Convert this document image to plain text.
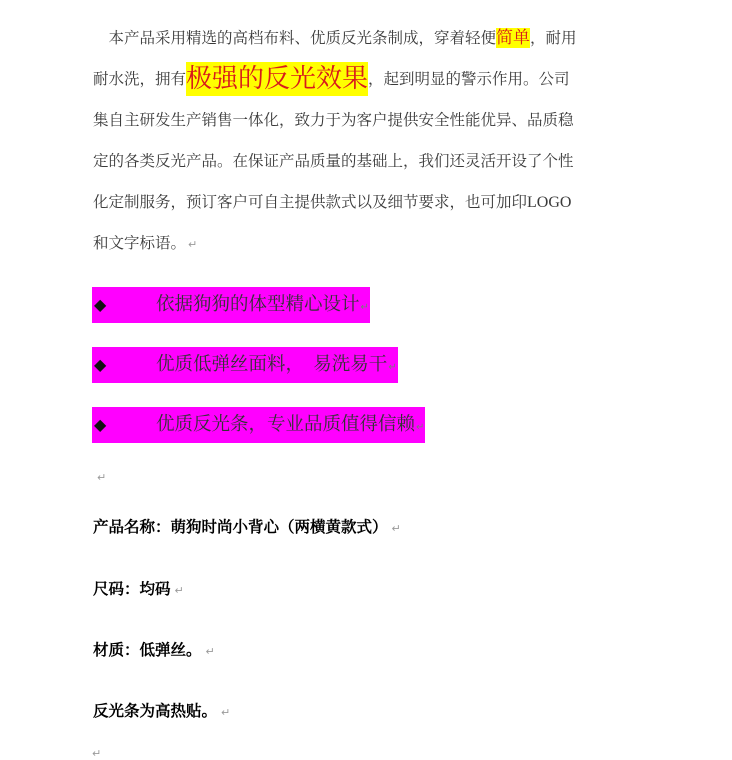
　本产品采用精选的高档布料、优质反光条制成，穿着轻便简单，耐用
耐水洗，拥有极强的反光效果，起到明显的警示作用。公司
集自主研发生产销售一体化，致力于为客户提供安全性能优异、品质稳
定的各类反光产品。在保证产品质量的基础上，我们还灵活开设了个性
化定制服务，预订客户可自主提供款式以及细节要求，也可加印LOGO
和文字标语。 ↵
◆	依据狗狗的体型精心设计↵
◆	优质低弹丝面料，　易洗易干↵
◆	优质反光条，专业品质值得信赖↵
↵
产品名称：萌狗时尚小背心（两横黄款式） ↵
尺码：均码 ↵
材质：低弹丝。 ↵
反光条为高热贴。 ↵
↵
